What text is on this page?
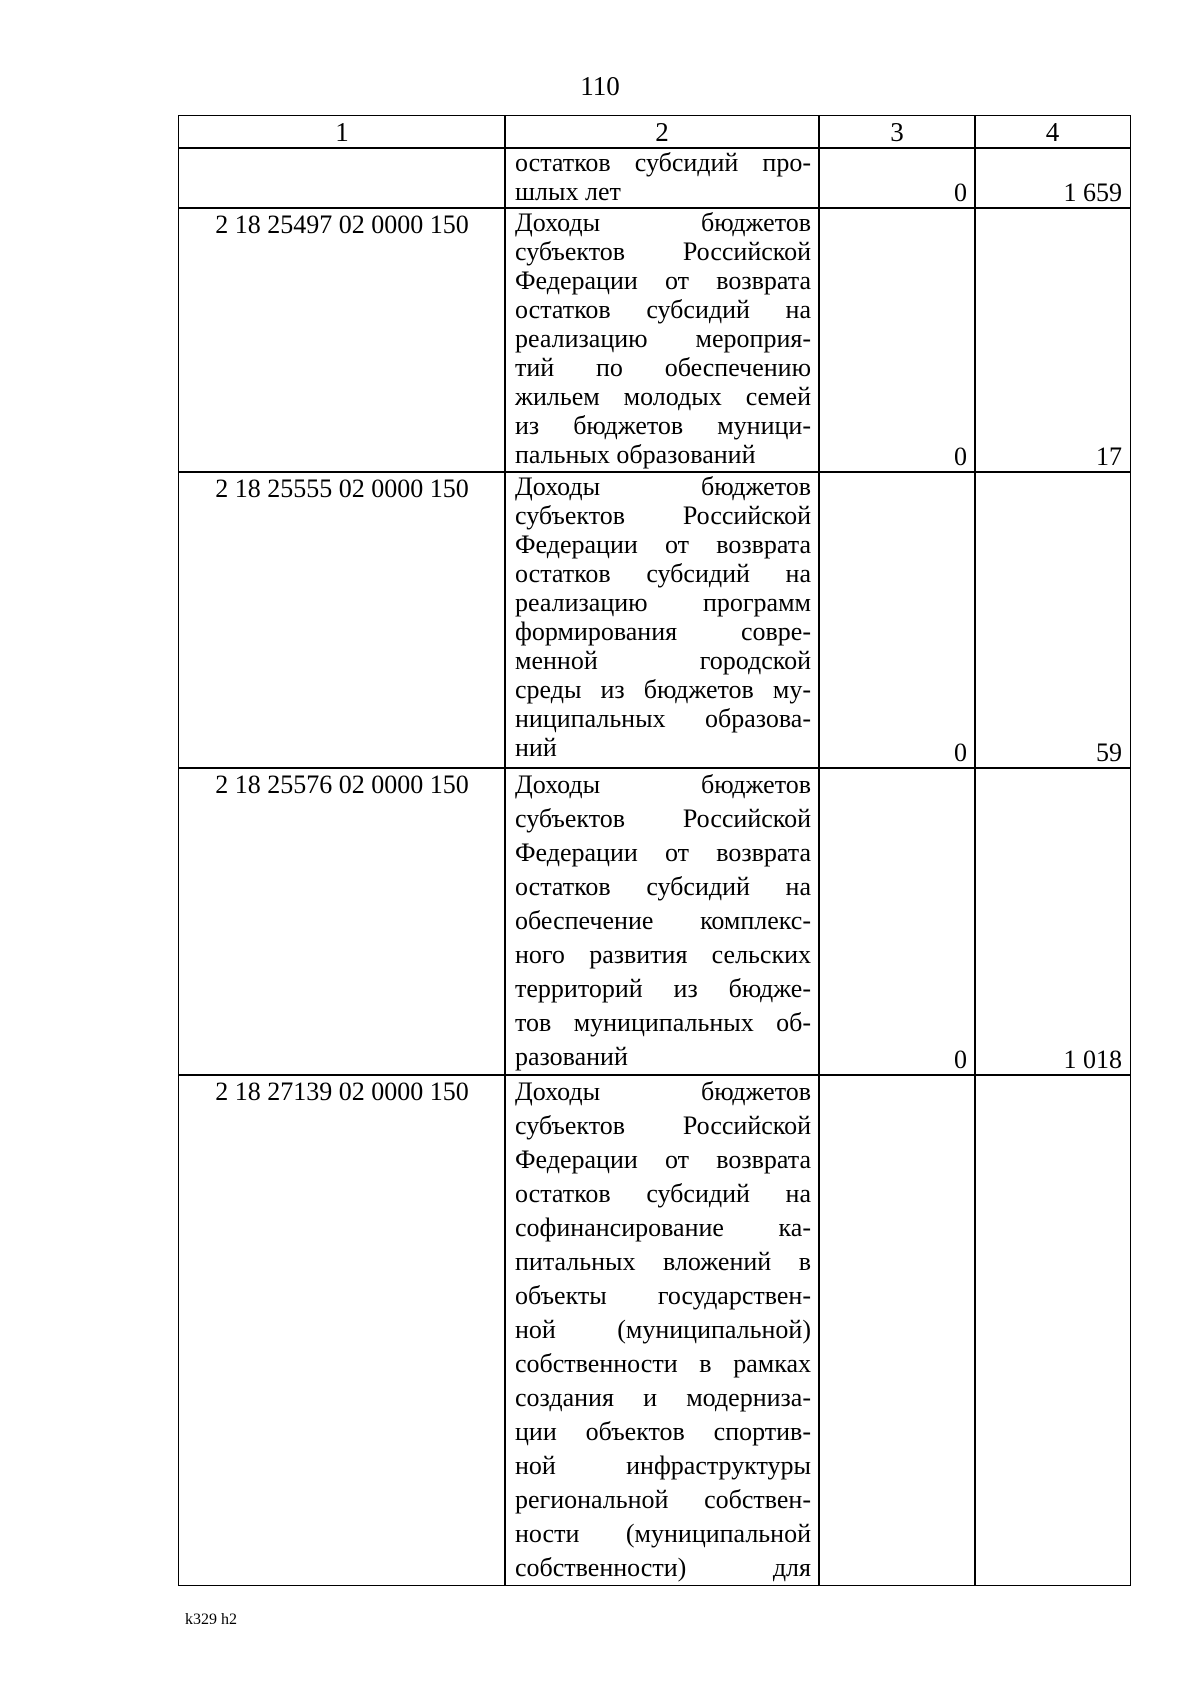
110
1	2	3	4
остатков субсидий про-
шлых лет	0	1 659
2 18 25497 02 0000 150	Доходы бюджетов
субъектов Российской
Федерации от возврата
остатков субсидий на
реализацию мероприя-
тий по обеспечению
жильем молодых семей
из бюджетов муници-
пальных образований	0	17
2 18 25555 02 0000 150	Доходы бюджетов
субъектов Российской
Федерации от возврата
остатков субсидий на
реализацию программ
формирования совре-
менной городской
среды из бюджетов му-
ниципальных образова-
ний	0	59
2 18 25576 02 0000 150	Доходы бюджетов
субъектов Российской
Федерации от возврата
остатков субсидий на
обеспечение комплекс-
ного развития сельских
территорий из бюдже-
тов муниципальных об-
разований	0	1 018
2 18 27139 02 0000 150	Доходы бюджетов
субъектов Российской
Федерации от возврата
остатков субсидий на
софинансирование ка-
питальных вложений в
объекты государствен-
ной (муниципальной)
собственности в рамках
создания и модерниза-
ции объектов спортив-
ной инфраструктуры
региональной собствен-
ности (муниципальной
собственности) для
k329 h2
